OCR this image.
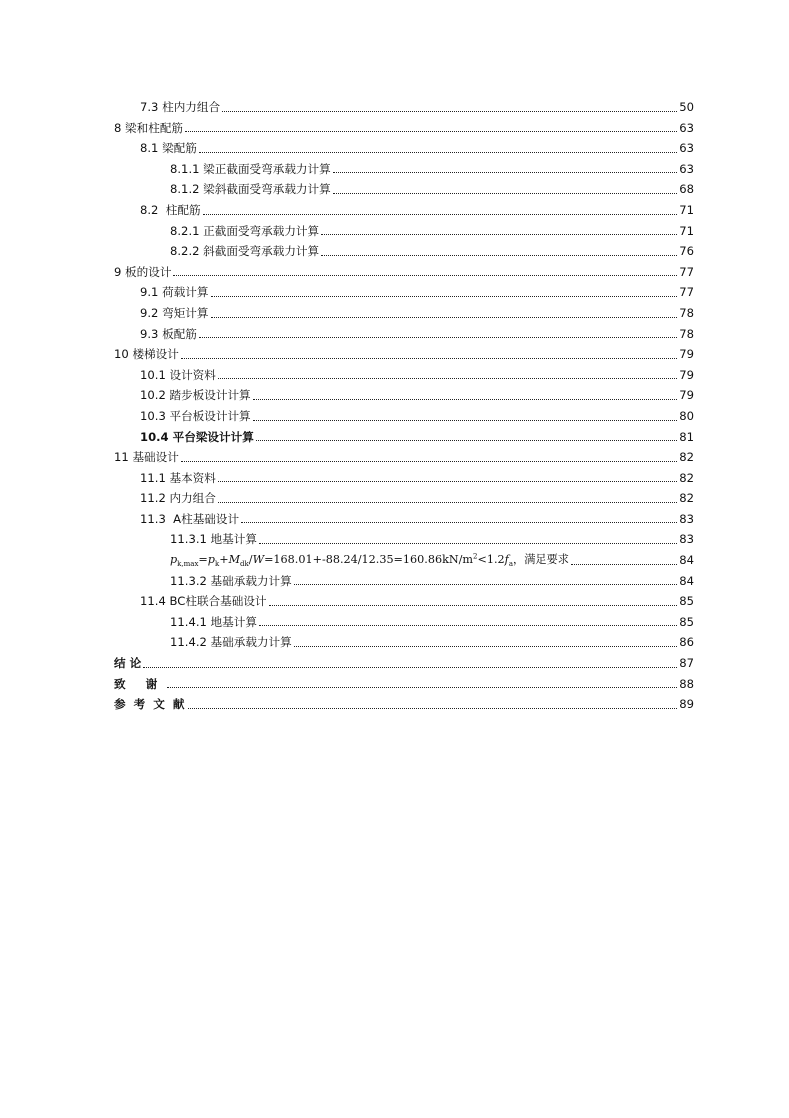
7.3 柱内力组合	50
8 梁和柱配筋	63
8.1 梁配筋	63
8.1.1 梁正截面受弯承载力计算	63
8.1.2 梁斜截面受弯承载力计算	68
8.2  柱配筋	71
8.2.1 正截面受弯承载力计算	71
8.2.2 斜截面受弯承载力计算	76
9 板的设计	77
9.1 荷载计算	77
9.2 弯矩计算	78
9.3 板配筋	78
10 楼梯设计	79
10.1 设计资料	79
10.2 踏步板设计计算	79
10.3 平台板设计计算	80
10.4 平台梁设计计算	81
11 基础设计	82
11.1 基本资料	82
11.2 内力组合	82
11.3  A柱基础设计	83
11.3.1 地基计算	83
$p_{k,max}=p_k+M_{dk}/W=168.01+-88.24/12.35=160.86kN/m^2<1.2f_a$，满足要求	84
11.3.2 基础承载力计算	84
11.4 BC柱联合基础设计	85
11.4.1 地基计算	85
11.4.2 基础承载力计算	86
结 论	87
致 谢	88
参 考 文 献	89
